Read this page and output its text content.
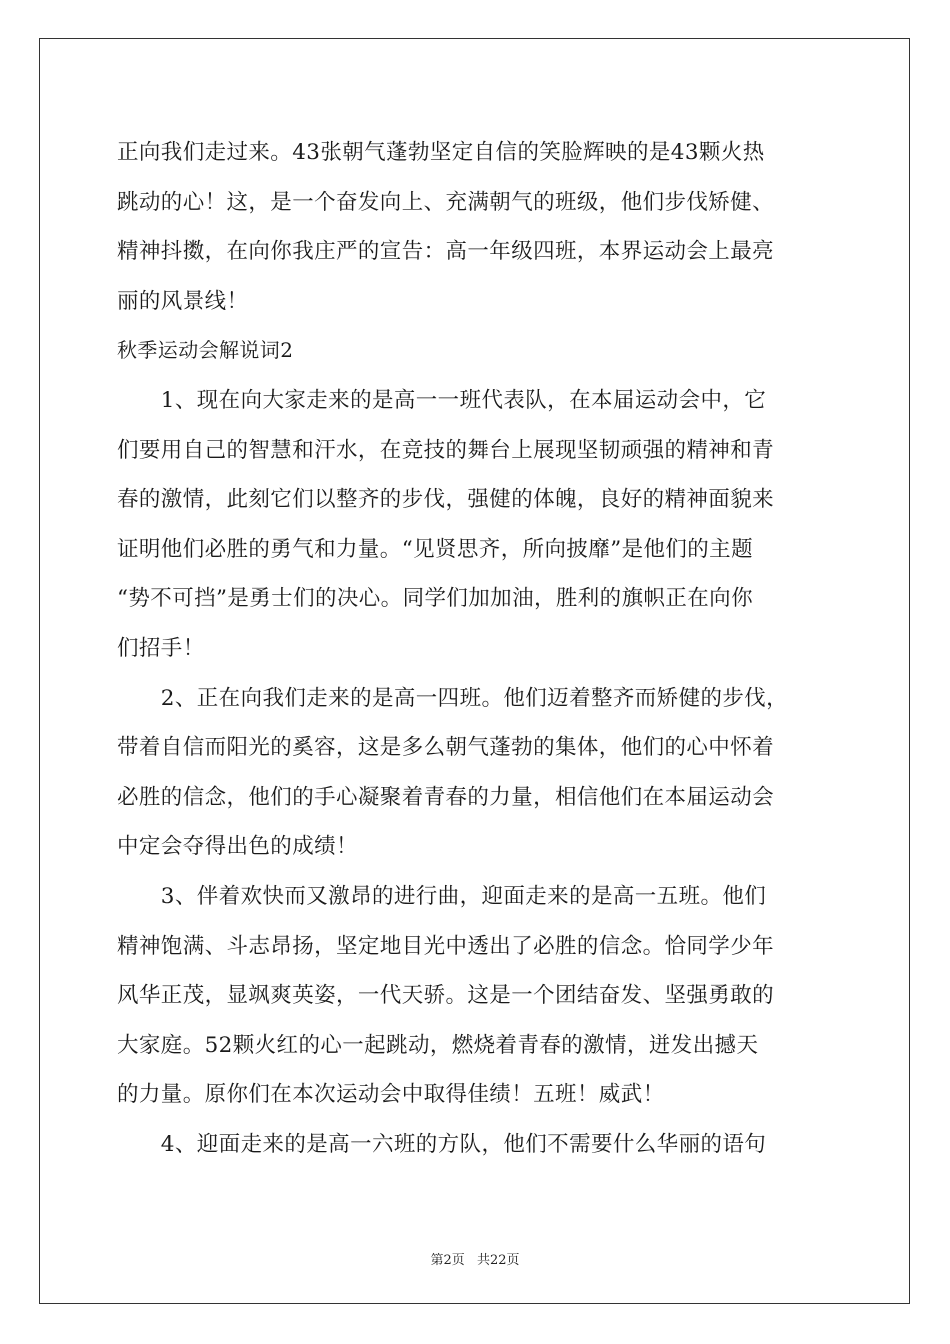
正向我们走过来。43张朝气蓬勃坚定自信的笑脸辉映的是43颗火热
跳动的心！这，是一个奋发向上、充满朝气的班级，他们步伐矫健、
精神抖擞，在向你我庄严的宣告：高一年级四班，本界运动会上最亮
丽的风景线！
秋季运动会解说词2
　　1、现在向大家走来的是高一一班代表队，在本届运动会中，它
们要用自己的智慧和汗水，在竞技的舞台上展现坚韧顽强的精神和青
春的激情，此刻它们以整齐的步伐，强健的体魄，良好的精神面貌来
证明他们必胜的勇气和力量。“见贤思齐，所向披靡”是他们的主题
“势不可挡”是勇士们的决心。同学们加加油，胜利的旗帜正在向你
们招手！
　　2、正在向我们走来的是高一四班。他们迈着整齐而矫健的步伐，
带着自信而阳光的奚容，这是多么朝气蓬勃的集体，他们的心中怀着
必胜的信念，他们的手心凝聚着青春的力量，相信他们在本届运动会
中定会夺得出色的成绩！
　　3、伴着欢快而又激昂的进行曲，迎面走来的是高一五班。他们
精神饱满、斗志昂扬，坚定地目光中透出了必胜的信念。恰同学少年
风华正茂，显飒爽英姿，一代天骄。这是一个团结奋发、坚强勇敢的
大家庭。52颗火红的心一起跳动，燃烧着青春的激情，迸发出撼天
的力量。原你们在本次运动会中取得佳绩！五班！威武！
　　4、迎面走来的是高一六班的方队，他们不需要什么华丽的语句
第2页 共22页
